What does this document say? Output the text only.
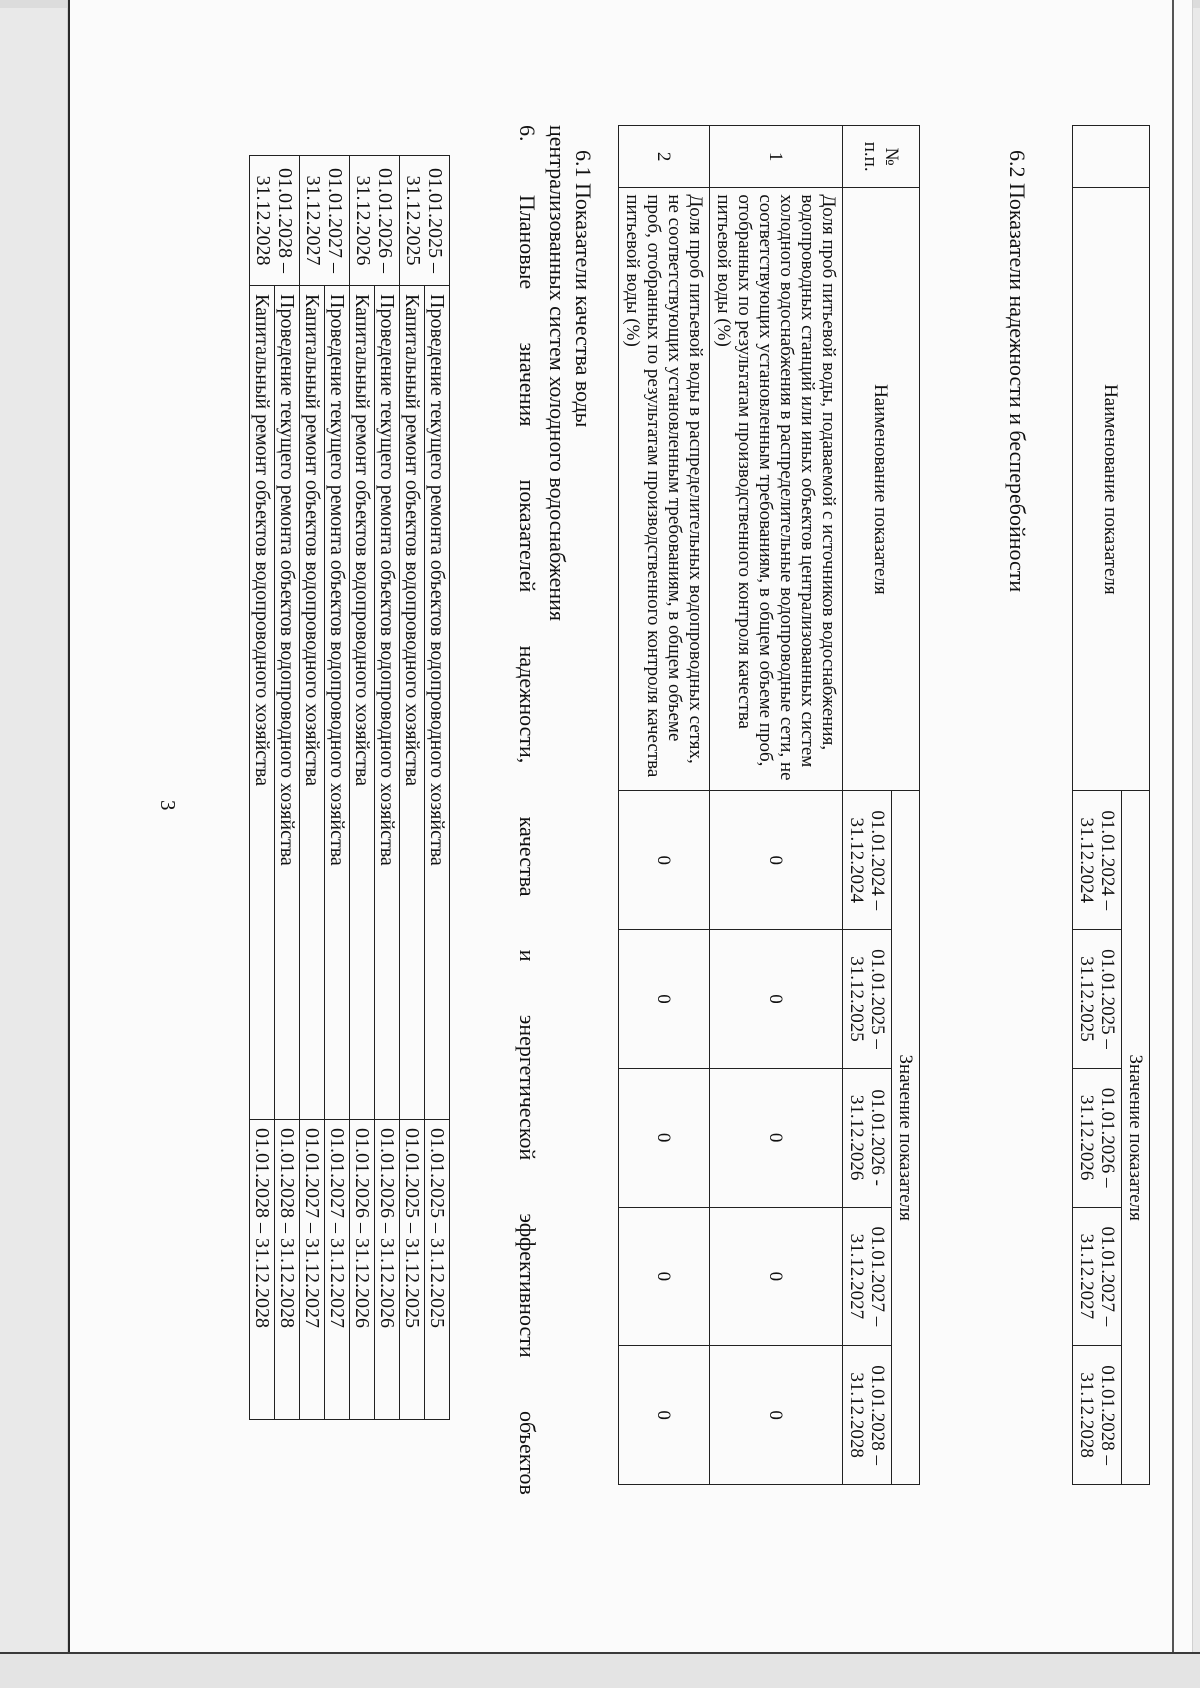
3
01.01.2025 – 31.12.2025	Проведение текущего ремонта объектов водопроводного хозяйства	01.01.2025 – 31.12.2025
	Капитальный ремонт объектов водопроводного хозяйства	01.01.2025 – 31.12.2025
01.01.2026 – 31.12.2026	Проведение текущего ремонта объектов водопроводного хозяйства	01.01.2026 – 31.12.2026
	Капитальный ремонт объектов водопроводного хозяйства	01.01.2026 – 31.12.2026
01.01.2027 – 31.12.2027	Проведение текущего ремонта объектов водопроводного хозяйства	01.01.2027 – 31.12.2027
	Капитальный ремонт объектов водопроводного хозяйства	01.01.2027 – 31.12.2027
01.01.2028 – 31.12.2028	Проведение текущего ремонта объектов водопроводного хозяйства	01.01.2028 – 31.12.2028
	Капитальный ремонт объектов водопроводного хозяйства	01.01.2028 – 31.12.2028
6.
Плановые
значения
показателей
надежности,
качества
и
энергетической
эффективности
объектов
централизованных систем холодного водоснабжения 6.1 Показатели качества воды	№ п.п.	Наименование показателя	Значение показателя				
		01.01.2024 – 31.12.2024	01.01.2025 – 31.12.2025	01.01.2026 - 31.12.2026	01.01.2027 – 31.12.2027	01.01.2028 – 31.12.2028
1	Доля проб питьевой воды, подаваемой с источников водоснабжения, водопроводных станций или иных объектов централизованных систем холодного водоснабжения в распределительные водопроводные сети, не соответствующих установленным требованиям, в общем объеме проб, отобранных по результатам производственного контроля качества питьевой воды (%)	0	0	0	0	0
2	Доля проб питьевой воды в распределительных водопроводных сетях, не соответствующих установленным требованиям, в общем объеме проб, отобранных по результатам производственного контроля качества питьевой воды (%)	0	0	0	0	0
6.2 Показатели надежности и бесперебойности
		Наименование показателя	Значение показателя				
		01.01.2024 – 31.12.2024	01.01.2025 – 31.12.2025	01.01.2026 – 31.12.2026	01.01.2027 – 31.12.2027	01.01.2028 – 31.12.2028
